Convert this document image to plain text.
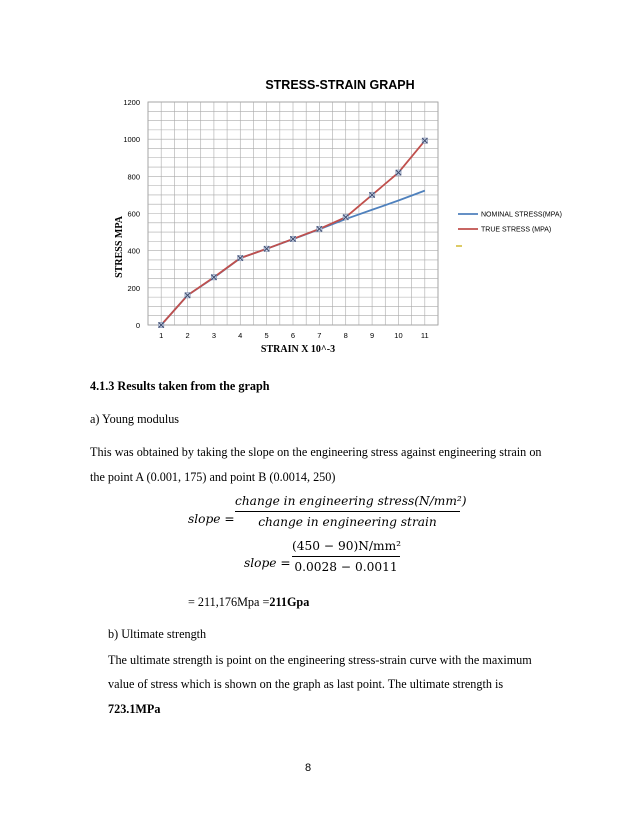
STRESS-STRAIN GRAPH
0
200
400
600
800
1000
1200
1	2	3	4	5	6	7	8	9	10 11
STRAIN X 10^-3
STRESS MPA
NOMINAL STRESS(MPA)
TRUE STRESS (MPA)
4.1.3 Results taken from the graph
a) Young modulus
This was obtained by taking the slope on the engineering stress against engineering strain on
the point A (0.001, 175) and point B (0.0014, 250)
slope =
change in engineering stress(N/mm²)
change in engineering strain
slope =
(450 − 90)N/mm²
0.0028 − 0.0011
= 211,176Mpa =211Gpa
b) Ultimate strength
The ultimate strength is point on the engineering stress-strain curve with the maximum
value of stress which is shown on the graph as last point. The ultimate strength is
723.1MPa
8
